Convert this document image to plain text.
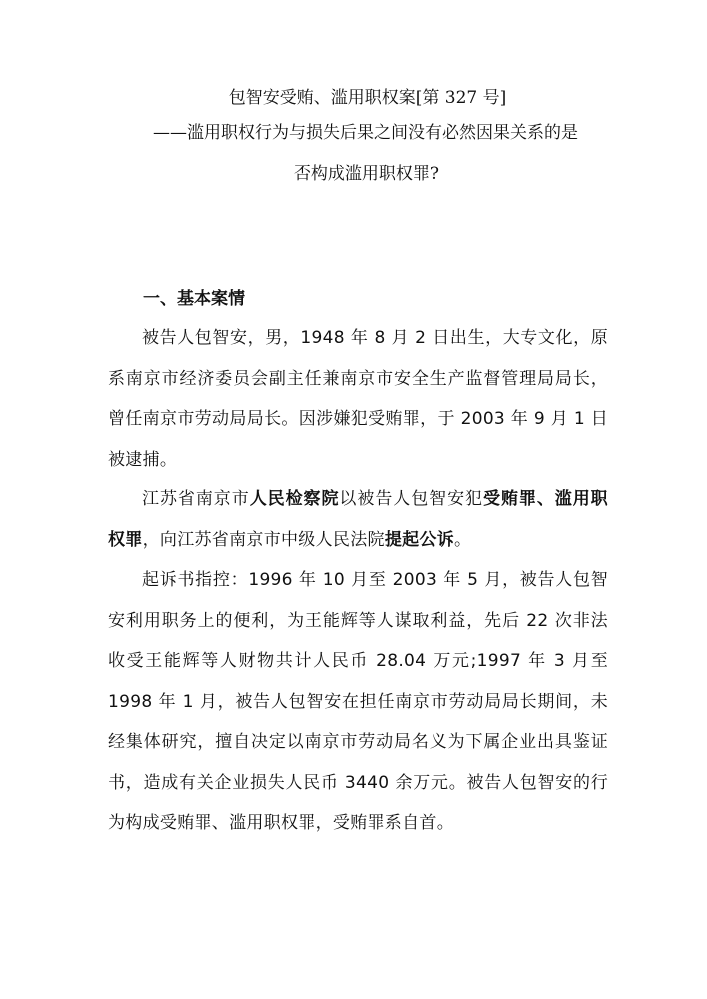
包智安受贿、滥用职权案[第 327 号]
——滥用职权行为与损失后果之间没有必然因果关系的是
否构成滥用职权罪?
一、基本案情

被告人包智安，男，1948 年 8 月 2 日出生，大专文化，原系南京市经济委员会副主任兼南京市安全生产监督管理局局长，曾任南京市劳动局局长。因涉嫌犯受贿罪，于 2003 年 9 月 1 日被逮捕。

江苏省南京市人民检察院以被告人包智安犯受贿罪、滥用职权罪，向江苏省南京市中级人民法院提起公诉。

起诉书指控：1996 年 10 月至 2003 年 5 月，被告人包智安利用职务上的便利，为王能辉等人谋取利益，先后 22 次非法收受王能辉等人财物共计人民币 28.04 万元;1997 年 3 月至 1998 年 1 月，被告人包智安在担任南京市劳动局局长期间，未经集体研究，擅自决定以南京市劳动局名义为下属企业出具鉴证书，造成有关企业损失人民币 3440 余万元。被告人包智安的行为构成受贿罪、滥用职权罪，受贿罪系自首。
